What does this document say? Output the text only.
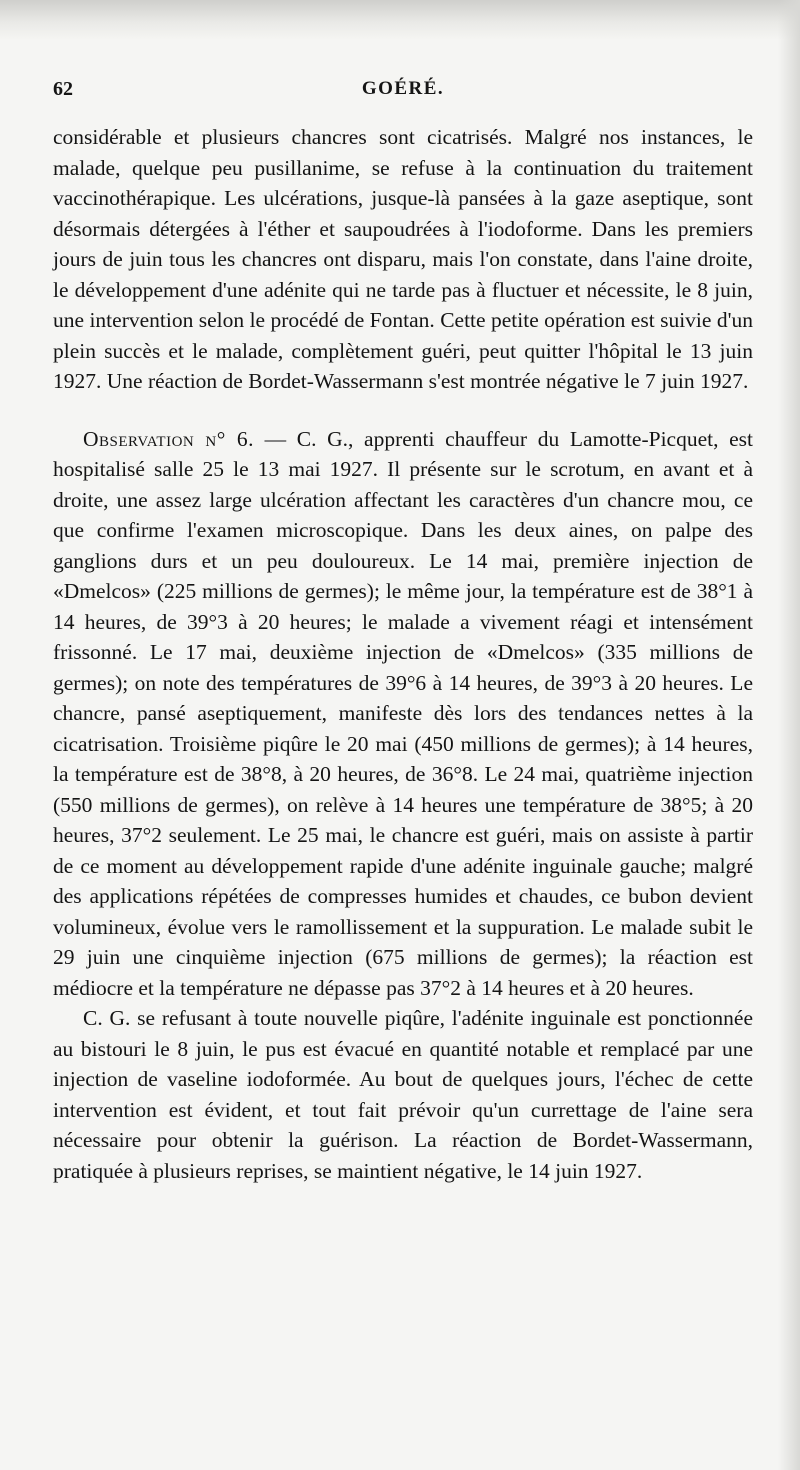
62	GOÉRÉ.

considérable et plusieurs chancres sont cicatrisés. Malgré nos instances, le malade, quelque peu pusillanime, se refuse à la continuation du traitement vaccinothérapique. Les ulcérations, jusque-là pansées à la gaze aseptique, sont désormais détergées à l'éther et saupoudrées à l'iodoforme. Dans les premiers jours de juin tous les chancres ont disparu, mais l'on constate, dans l'aine droite, le développement d'une adénite qui ne tarde pas à fluctuer et nécessite, le 8 juin, une intervention selon le procédé de Fontan. Cette petite opération est suivie d'un plein succès et le malade, complètement guéri, peut quitter l'hôpital le 13 juin 1927. Une réaction de Bordet-Wassermann s'est montrée négative le 7 juin 1927.

Observation n° 6. — C. G., apprenti chauffeur du Lamotte-Picquet, est hospitalisé salle 25 le 13 mai 1927. Il présente sur le scrotum, en avant et à droite, une assez large ulcération affectant les caractères d'un chancre mou, ce que confirme l'examen microscopique. Dans les deux aines, on palpe des ganglions durs et un peu douloureux. Le 14 mai, première injection de «Dmelcos» (225 millions de germes); le même jour, la température est de 38°1 à 14 heures, de 39°3 à 20 heures; le malade a vivement réagi et intensément frissonné. Le 17 mai, deuxième injection de «Dmelcos» (335 millions de germes); on note des températures de 39°6 à 14 heures, de 39°3 à 20 heures. Le chancre, pansé aseptiquement, manifeste dès lors des tendances nettes à la cicatrisation. Troisième piqûre le 20 mai (450 millions de germes); à 14 heures, la température est de 38°8, à 20 heures, de 36°8. Le 24 mai, quatrième injection (550 millions de germes), on relève à 14 heures une température de 38°5; à 20 heures, 37°2 seulement. Le 25 mai, le chancre est guéri, mais on assiste à partir de ce moment au développement rapide d'une adénite inguinale gauche; malgré des applications répétées de compresses humides et chaudes, ce bubon devient volumineux, évolue vers le ramollissement et la suppuration. Le malade subit le 29 juin une cinquième injection (675 millions de germes); la réaction est médiocre et la température ne dépasse pas 37°2 à 14 heures et à 20 heures.

C. G. se refusant à toute nouvelle piqûre, l'adénite inguinale est ponctionnée au bistouri le 8 juin, le pus est évacué en quantité notable et remplacé par une injection de vaseline iodoformée. Au bout de quelques jours, l'échec de cette intervention est évident, et tout fait prévoir qu'un currettage de l'aine sera nécessaire pour obtenir la guérison. La réaction de Bordet-Wassermann, pratiquée à plusieurs reprises, se maintient négative, le 14 juin 1927.
